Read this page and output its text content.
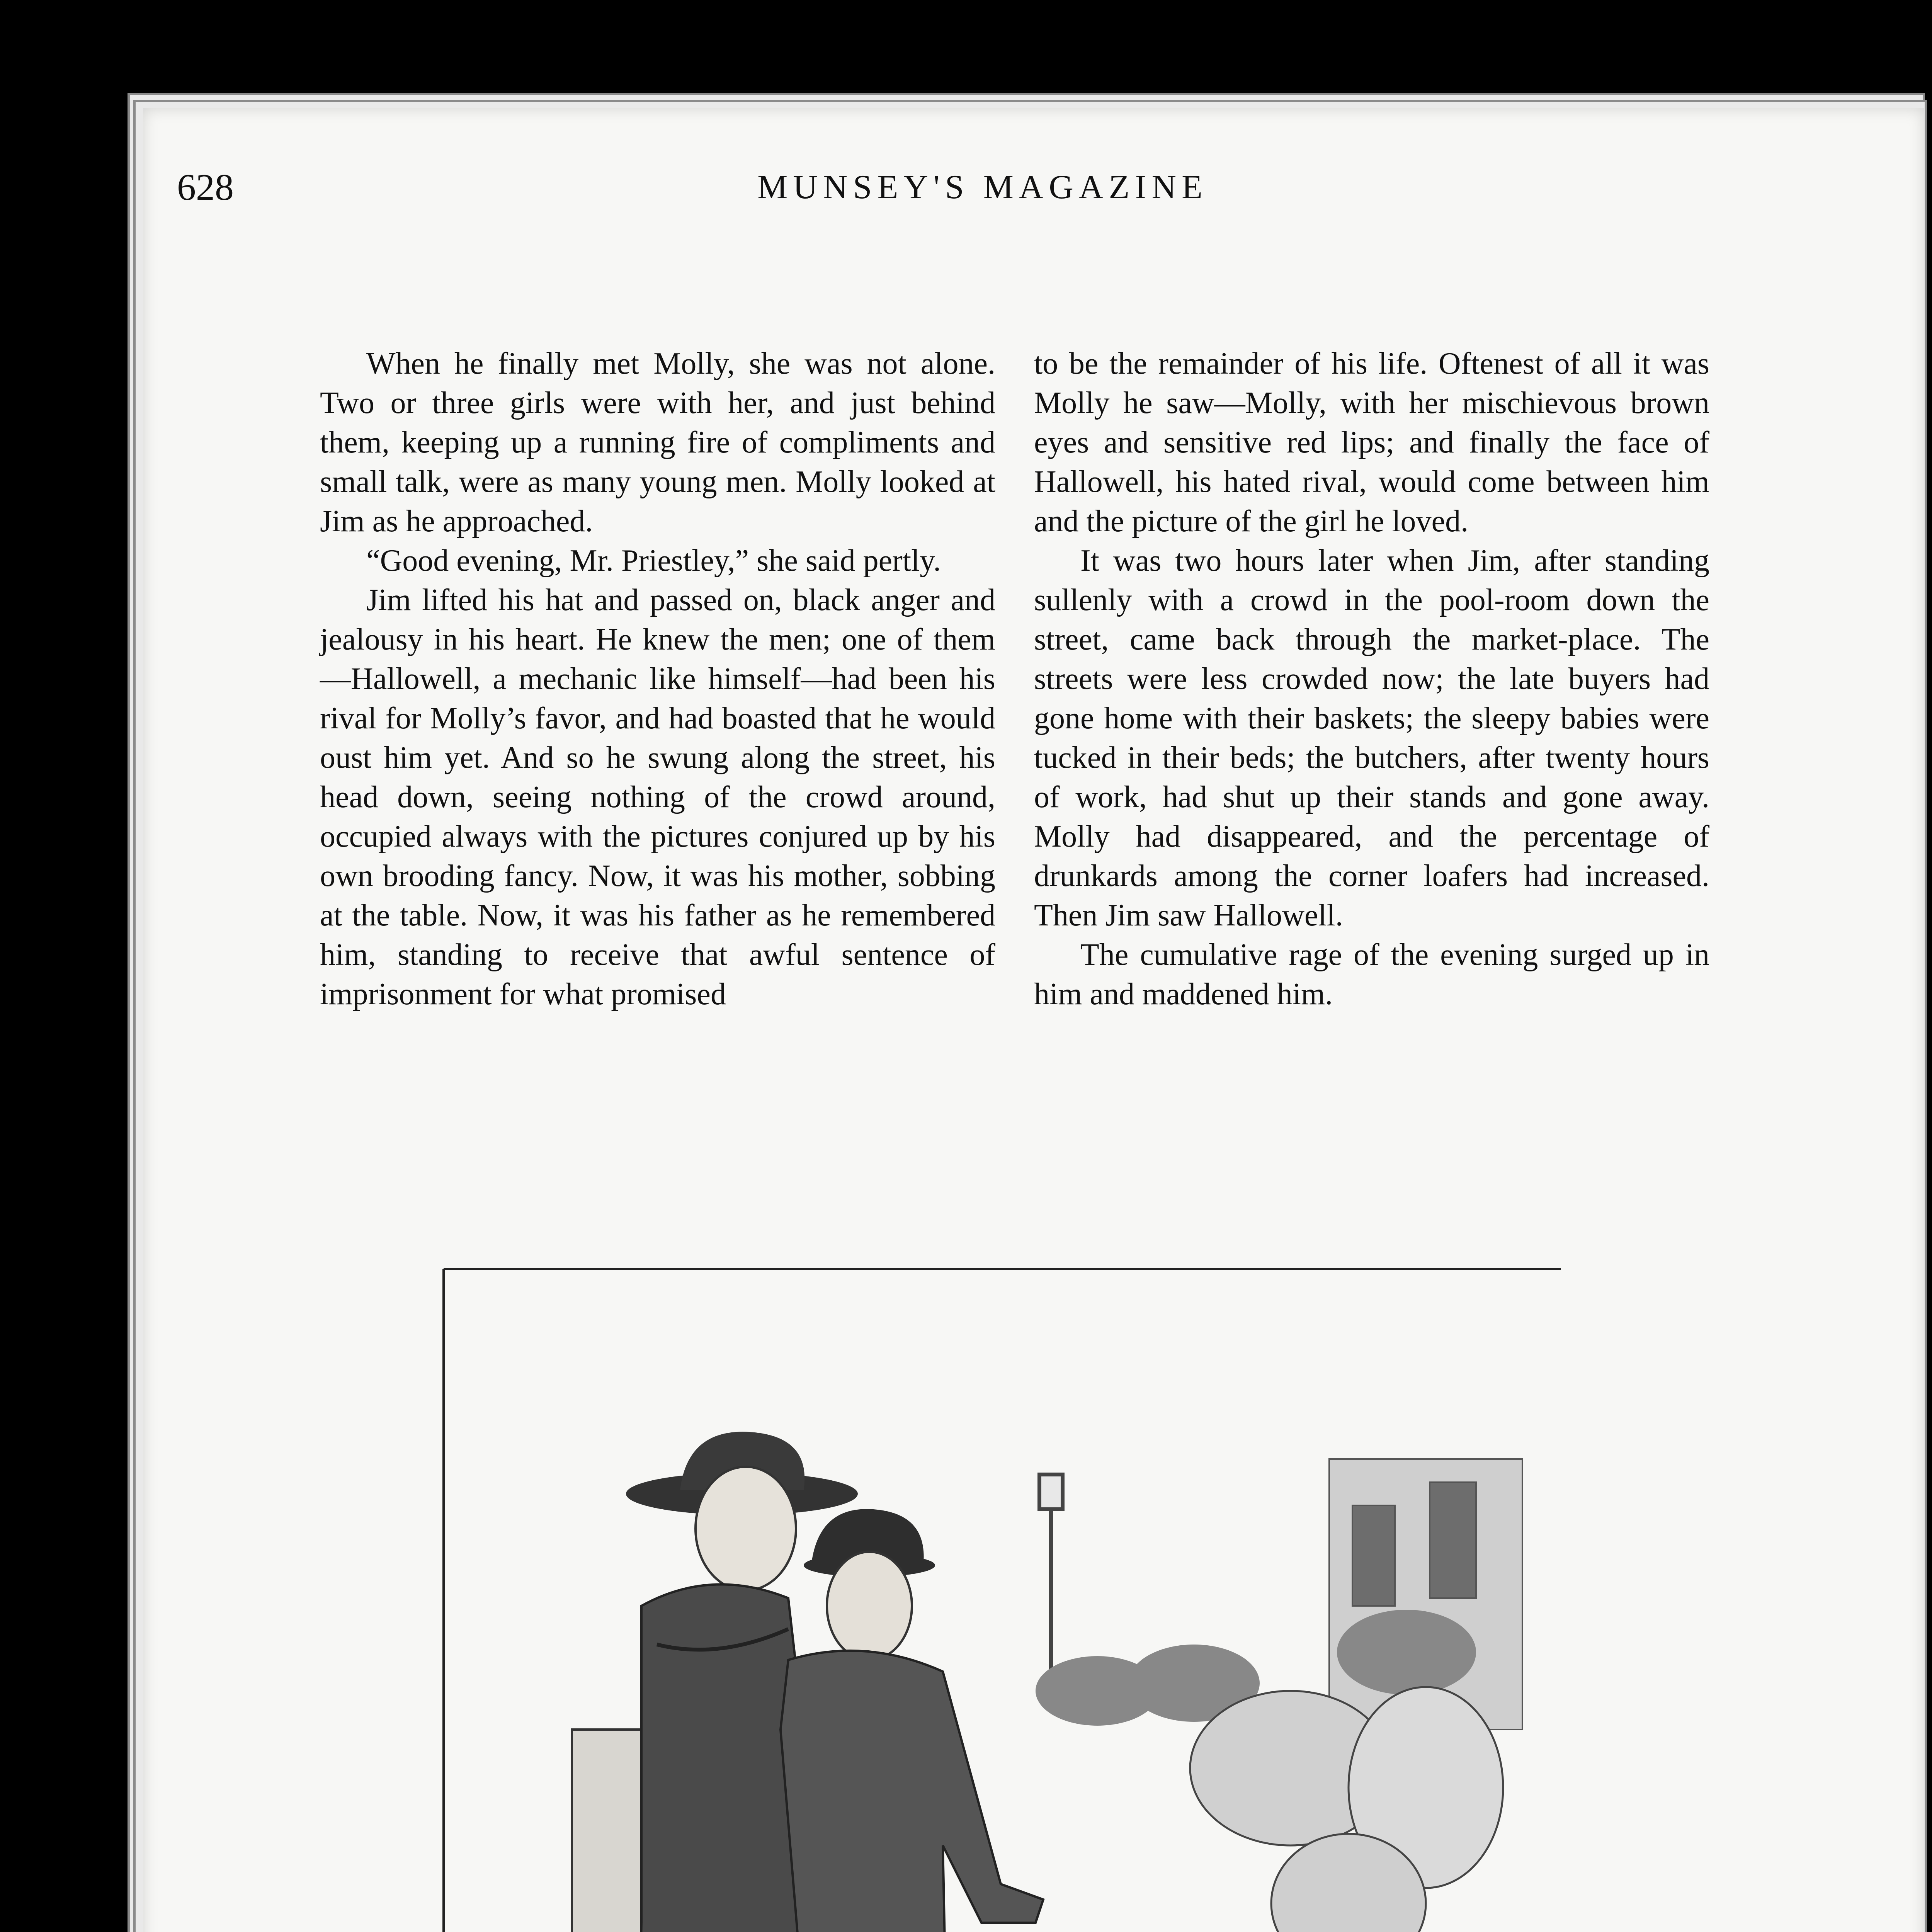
628	MUNSEY'S MAGAZINE

When he finally met Molly, she was not alone. Two or three girls were with her, and just behind them, keeping up a running fire of compliments and small talk, were as many young men. Molly looked at Jim as he approached.

“Good evening, Mr. Priestley,” she said pertly.

Jim lifted his hat and passed on, black anger and jealousy in his heart. He knew the men; one of them—Hallowell, a mechanic like himself—had been his rival for Molly’s favor, and had boasted that he would oust him yet. And so he swung along the street, his head down, seeing nothing of the crowd around, occupied always with the pictures conjured up by his own brooding fancy. Now, it was his mother, sobbing at the table. Now, it was his father as he remembered him, standing to receive that awful sentence of imprisonment for what promised

to be the remainder of his life. Oftenest of all it was Molly he saw—Molly, with her mischievous brown eyes and sensitive red lips; and finally the face of Hallowell, his hated rival, would come between him and the picture of the girl he loved.

It was two hours later when Jim, after standing sullenly with a crowd in the pool-room down the street, came back through the market-place. The streets were less crowded now; the late buyers had gone home with their baskets; the sleepy babies were tucked in their beds; the butchers, after twenty hours of work, had shut up their stands and gone away. Molly had disappeared, and the percentage of drunkards among the corner loafers had increased. Then Jim saw Hallowell.

The cumulative rage of the evening surged up in him and maddened him.
